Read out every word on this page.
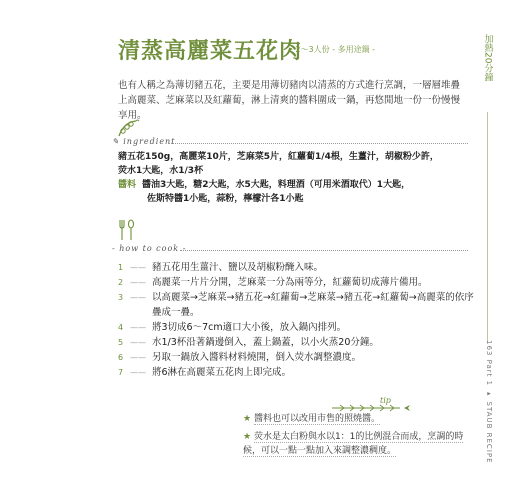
清蒸高麗菜五花肉
- 2〜3人份 - 多用途鍋 -	加熱20分鐘
163 Part 1 ▸ STAUB RECIPE
也有人稱之為薄切豬五花，主要是用薄切豬肉以清蒸的方式進行烹調，一層層堆疊上高麗菜、芝麻菜以及紅蘿蔔，淋上清爽的醬料圍成一鍋，再悠閒地一份一份慢慢享用。
✎ ingredient
豬五花150g，高麗菜10片，芝麻菜5片，紅蘿蔔1/4根，生薑汁，胡椒粉少許，
荧水1大匙，水1/3杯
醬料 醬油3大匙，糖2大匙，水5大匙，料理酒（可用米酒取代）1大匙，
佐斯特醬1小匙，蒜粉，檸檬汁各1小匙
- how to cook -
1 —— 豬五花用生薑汁、鹽以及胡椒粉醃入味。
2 —— 高麗菜一片片分開，芝麻菜一分為兩等分，紅蘿蔔切成薄片備用。
3 —— 以高麗菜→芝麻菜→豬五花→紅蘿蔔→芝麻菜→豬五花→紅蘿蔔→高麗菜的依序疊成一疊。
4 —— 將3切成6〜7cm適口大小後，放入鍋內排列。
5 —— 水1/3杯沿著鍋邊倒入，蓋上鍋蓋，以小火蒸20分鐘。
6 —— 另取一鍋放入醬料材料燒開，倒入荧水調整濃度。
7 —— 將6淋在高麗菜五花肉上即完成。
tip
★ 醬料也可以改用市售的照燒醬。
★ 荧水是太白粉與水以1：1的比例混合而成，烹調的時候，可以一點一點加入來調整濃稠度。
